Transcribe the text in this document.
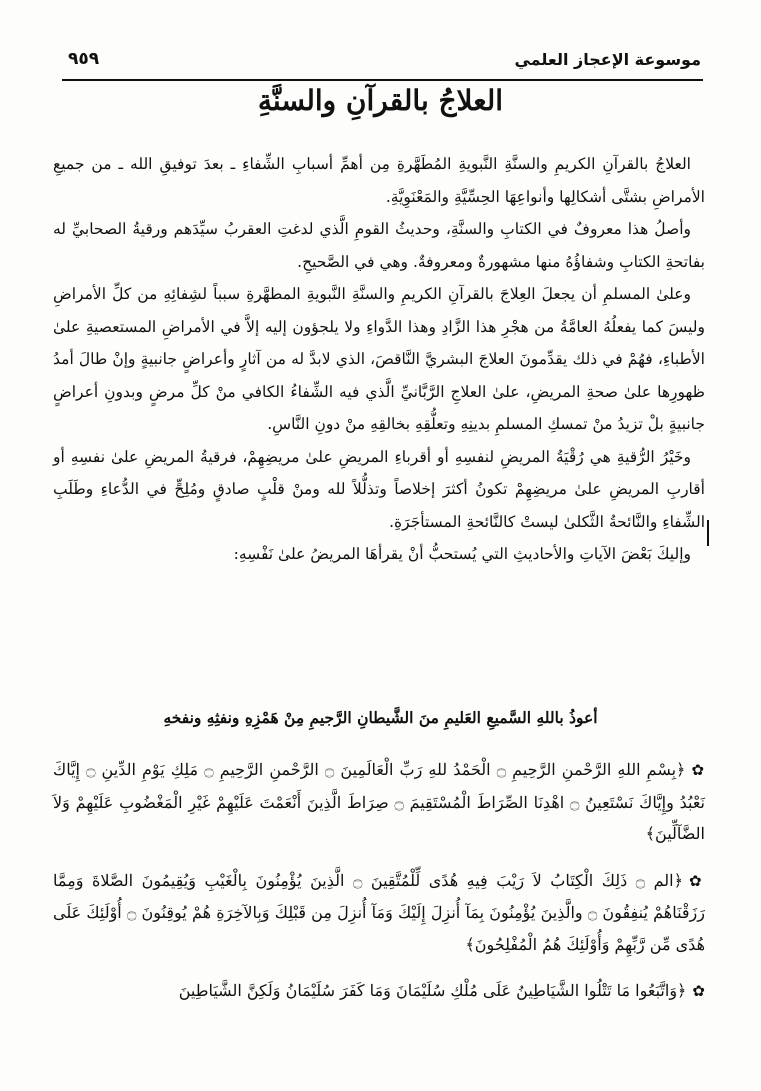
موسوعة الإعجاز العلمي
٩٥٩
العلاجُ بالقرآنِ والسنَّةِ

العلاجُ بالقرآنِ الكريمِ والسنَّةِ النَّبويةِ المُطَهَّرةِ مِن أهمِّ أسبابِ الشِّفاءِ ـ بعدَ توفيقِ الله ـ من جميعِ الأمراضِ بشتَّى أشكالِها وأنواعِهَا الحِسِّيَّةِ والمَعْنَوِيَّةِ.

وأصلُ هذا معروفٌ في الكتابِ والسنَّةِ، وحديثُ القومِ الَّذي لدغتِ العقربُ سيِّدَهم ورقيةُ الصحابيِّ له بفاتحةِ الكتابِ وشفاؤُهُ منها مشهورةٌ ومعروفةٌ. وهي في الصَّحيحِ.

وعلىٰ المسلمِ أن يجعلَ العِلاجَ بالقرآنِ الكريمِ والسنَّةِ النَّبويةِ المطهَّرةِ سبباً لشِفائِهِ من كلِّ الأمراضِ وليسَ كما يفعلُهُ العامَّةُ من هجْرِ هذا الزَّادِ وهذا الدَّواءِ ولا يلجؤون إليه إلاَّ في الأمراضِ المستعصيةِ علىٰ الأطباءِ، فهُمْ في ذلك يقدِّمونَ العلاجَ البشريَّ النَّاقصَ، الذي لابدَّ له من آثارٍ وأعراضٍ جانبيةٍ وإنْ طالَ أمدُ ظهورِها علىٰ صحةِ المريضِ، علىٰ العلاجِ الرَّبَّانيِّ الَّذي فيه الشِّفاءُ الكافي منْ كلِّ مرضٍ وبدونِ أعراضٍ جانبيةٍ بلْ تزيدُ منْ تمسكِ المسلمِ بدينِهِ وتعلُّقِهِ بخالقِهِ منْ دونِ النَّاسِ.

وخَيْرُ الرُّقيةِ هي رُقْيَةُ المريضِ لنفسِهِ أو أقرباءِ المريضِ علىٰ مريضِهِمْ، فرقيةُ المريضِ علىٰ نفسِهِ أو أقاربِ المريضِ علىٰ مريضِهِمْ تكونُ أكثرَ إخلاصاً وتذلُّلاً لله ومنْ قلْبٍ صادقٍ ومُلِحٍّ في الدُّعاءِ وطَلَبِ الشِّفاءِ والنَّائحةُ الثَّكلىٰ ليستْ كالنَّائحةِ المستأجَرَةِ.

وإليكَ بَعْضَ الآياتِ والأحاديثِ التي يُستحبُّ أنْ يقرأهَا المريضُ علىٰ نَفْسِهِ:

أعوذُ باللهِ السَّميعِ العَليمِ منَ الشَّيطانِ الرَّجيمِ مِنْ هَمْزِهِ ونفثِهِ ونفخهِ

✿﴿بِسْمِ اللهِ الرَّحْمنِ الرَّحِيمِ ۝ الْحَمْدُ للهِ رَبِّ الْعَالَمِينَ ۝ الرَّحْمنِ الرَّحِيمِ ۝ مَلِكِ يَوْمِ الدِّينِ ۝ إِيَّاكَ نَعْبُدُ وإِيَّاكَ نَسْتَعِينُ ۝ اهْدِنَا الصِّرَاطَ الْمُسْتَقِيمَ ۝ صِرَاطَ الَّذِينَ أَنْعَمْتَ عَلَيْهِمْ غَيْرِ الْمَغْضُوبِ عَلَيْهِمْ وَلاَ الضَّآلِّينَ﴾

✿﴿الم ۝ ذَلِكَ الْكِتَابُ لاَ رَيْبَ فِيهِ هُدًى لِّلْمُتَّقِينَ ۝ الَّذِينَ يُؤْمِنُونَ بِالْغَيْبِ وَيُقِيمُونَ الصَّلاةَ وَمِمَّا رَزَقْنَاهُمْ يُنفِقُونَ ۝ والَّذِينَ يُؤْمِنُونَ بِمَآ أُنزِلَ إِلَيْكَ وَمَآ أُنزِلَ مِن قَبْلِكَ وَبِالآخِرَةِ هُمْ يُوقِنُونَ ۝ أُوْلَئِكَ عَلَى هُدًى مِّن رَّبِّهِمْ وَأُوْلَئِكَ هُمُ الْمُفْلِحُونَ﴾

✿﴿وَاتَّبَعُوا مَا تَتْلُوا الشَّيَاطِينُ عَلَى مُلْكِ سُلَيْمَانَ وَمَا كَفَرَ سُلَيْمَانُ وَلَكِنَّ الشَّيَاطِينَ
